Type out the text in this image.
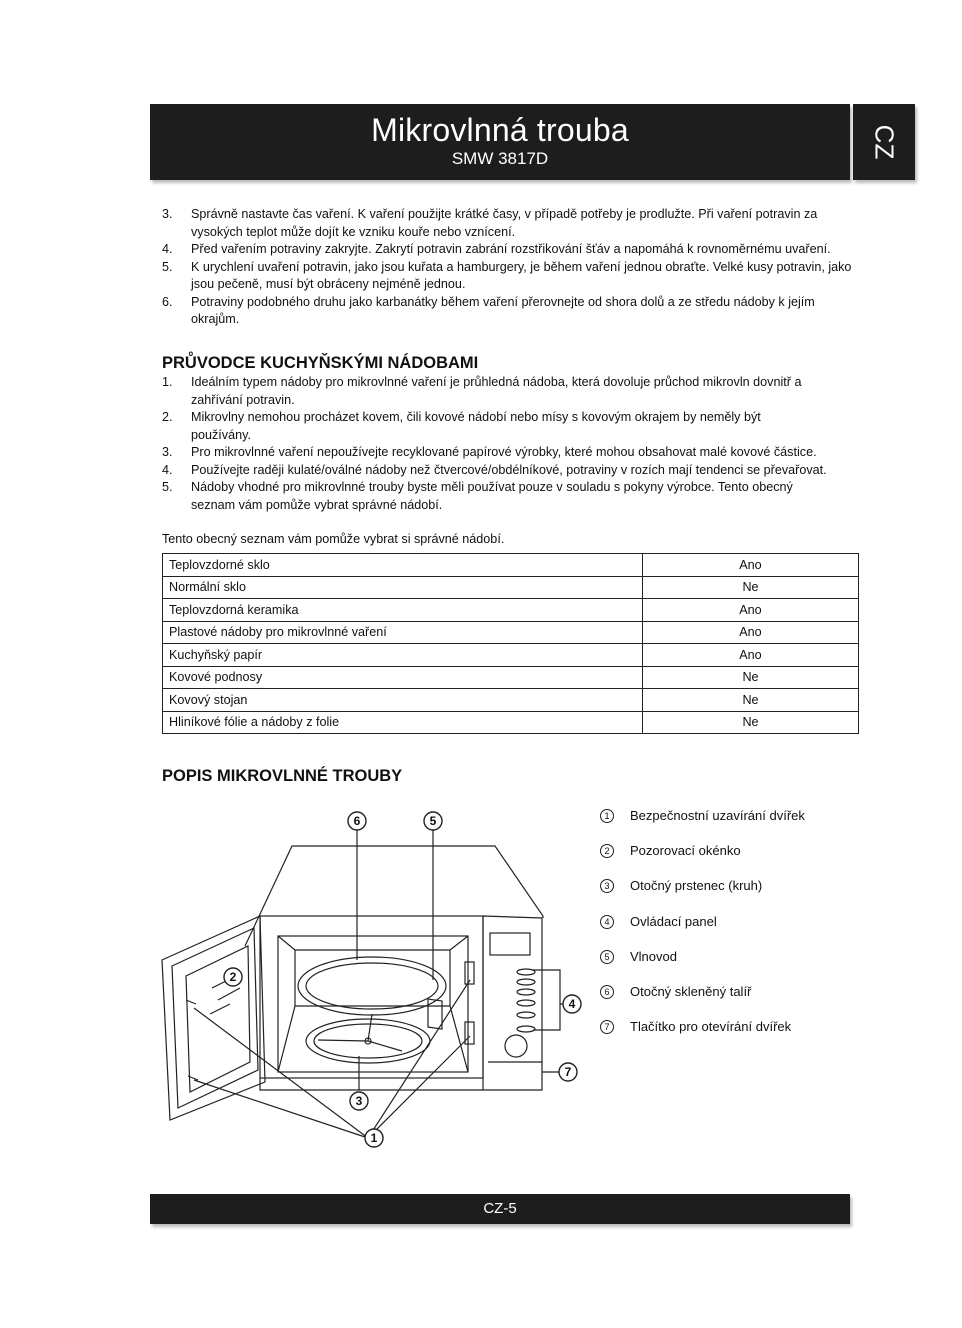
Mikrovlnná trouba
SMW 3817D	CZ
3.	Správně nastavte čas vaření. K vaření použijte krátké časy, v případě potřeby je prodlužte. Při vaření potravin za vysokých teplot může dojít ke vzniku kouře nebo vznícení.
4.	Před vařením potraviny zakryjte. Zakrytí potravin zabrání rozstřikování šťáv a napomáhá k rovnoměrnému uvaření.
5.	K urychlení uvaření potravin, jako jsou kuřata a hamburgery, je během vaření jednou obraťte. Velké kusy potravin, jako jsou pečeně, musí být obráceny nejméně jednou.
6.	Potraviny podobného druhu jako karbanátky během vaření přerovnejte od shora dolů a ze středu nádoby k jejím okrajům.
PRŮVODCE KUCHYŇSKÝMI NÁDOBAMI
1.	Ideálním typem nádoby pro mikrovlnné vaření je průhledná nádoba, která dovoluje průchod mikrovln dovnitř a zahřívání potravin.
2.	Mikrovlny nemohou procházet kovem, čili kovové nádobí nebo mísy s kovovým okrajem by neměly být používány.
3.	Pro mikrovlnné vaření nepoužívejte recyklované papírové výrobky, které mohou obsahovat malé kovové částice.
4.	Používejte raději kulaté/oválné nádoby než čtvercové/obdélníkové, potraviny v rozích mají tendenci se převařovat.
5.	Nádoby vhodné pro mikrovlnné trouby byste měli používat pouze v souladu s pokyny výrobce. Tento obecný seznam vám pomůže vybrat správné nádobí.
Tento obecný seznam vám pomůže vybrat si správné nádobí.
Teplovzdorné sklo	Ano
Normální sklo	Ne
Teplovzdorná keramika	Ano
Plastové nádoby pro mikrovlnné vaření	Ano
Kuchyňský papír	Ano
Kovové podnosy	Ne
Kovový stojan	Ne
Hliníkové fólie a nádoby z folie	Ne
POPIS MIKROVLNNÉ TROUBY
6	5
2
4
7
3
1
1	Bezpečnostní uzavírání dvířek
2	Pozorovací okénko
3	Otočný prstenec (kruh)
4	Ovládací panel
5	Vlnovod
6	Otočný skleněný talíř
7	Tlačítko pro otevírání dvířek
CZ-5
